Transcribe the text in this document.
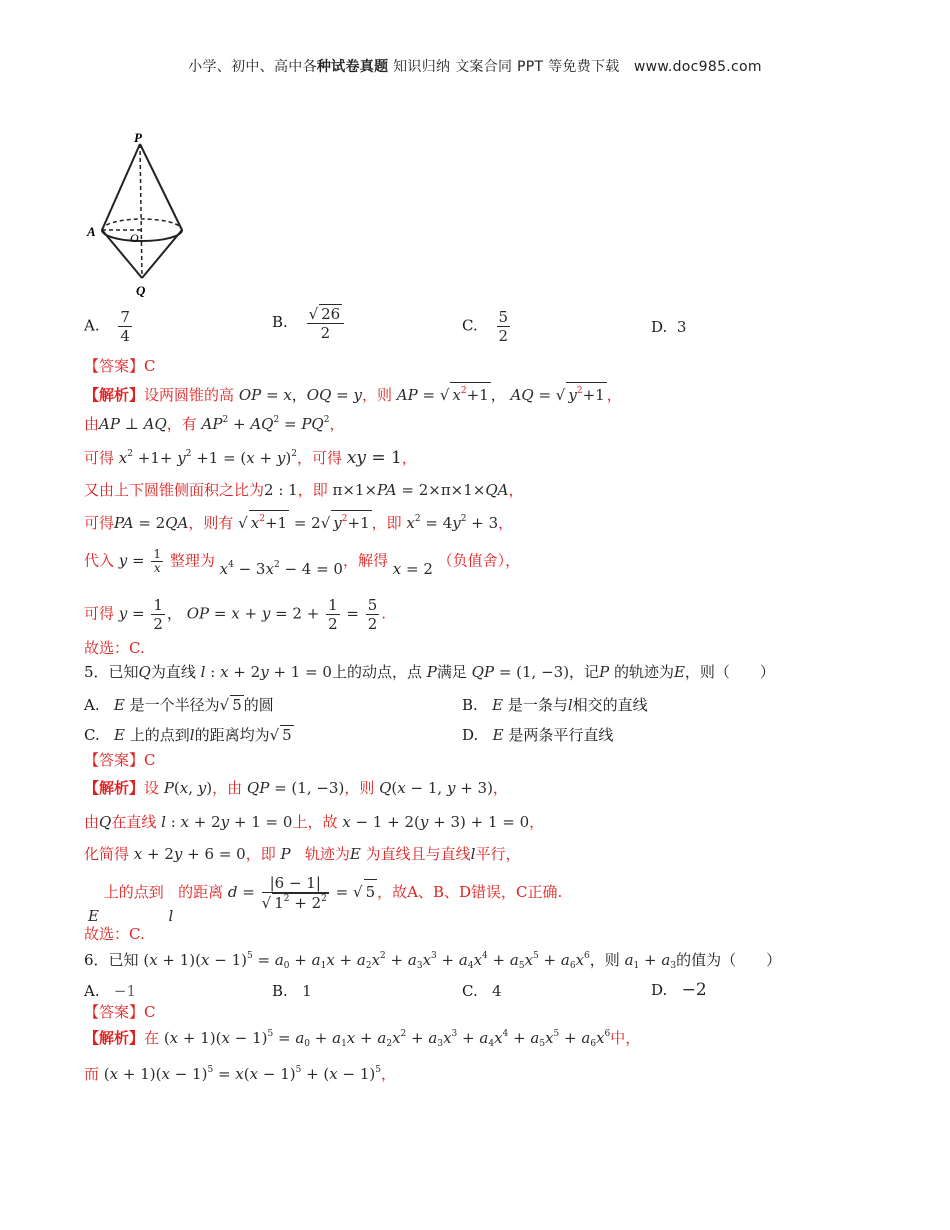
小学、初中、高中各种试卷真题 知识归纳 文案合同 PPT 等免费下载 www.doc985.com
P
A	O
Q
A. $\frac{7}{4}$	B. $\frac{√ 26}{2}$	C. $\frac{5}{2}$	D. 3
【答案】C
【解析】设两圆锥的高 OP = x，OQ = y，则 AP = √ $x^2+1$ ， AQ = √ $y^2+1$ ，
由AP ⊥ AQ，有 $AP^2 + AQ^2 = PQ^2$，
可得 $x^2 +1+ y^2 +1 = (x + y)^2$，可得 xy = 1，
又由上下圆锥侧面积之比为2 : 1，即 π×1×PA = 2×π×1×QA，
可得PA = 2QA，则有 √ $x^2+1 = 2√$ $y^2+1$ ，即 $x^2 = 4y^2 + 3$，
代入 $y = \frac{1}{x}$ 整理为 $x^4 - 3x^2 - 4 = 0$，解得 x = 2 （负值舍），
可得 $y = \frac{1}{2}$ ， OP = $x + y = 2 + \frac{1}{2} = \frac{5}{2}$ .
故选：C.
5．已知Q为直线 l : x + 2y + 1 = 0上的动点，点 P满足 QP = (1, −3)，记P 的轨迹为E，则（　　）
A. E 是一个半径为√ 5 的圆	B. E 是一条与l相交的直线
C. E 上的点到l的距离均为√ 5	D. E 是两条平行直线
【答案】C
【解析】设 P(x, y)，由 QP = (1, −3)，则 Q(x − 1, y + 3)，
由Q在直线 l : x + 2y + 1 = 0上，故 x − 1 + 2(y + 3) + 1 = 0，
化简得 x + 2y + 6 = 0，即 P 轨迹为E 为直线且与直线l平行，
E 上的点到 l 的距离 $d = \frac{|6 - 1|}{√ 1^2 + 2^2}$ = √ 5 ，故A、B、D错误，C正确.
故选：C.
6．已知 $(x + 1)(x - 1)^5 = a_0 + a_1x + a_2x^2 + a_3x^3 + a_4x^4 + a_5x^5 + a_6x^6$，则 $a_1 + a_3$的值为（　　）
A. −1	B. 1	C. 4	D. −2
【答案】C
【解析】在 $(x + 1)(x - 1)^5 = a_0 + a_1x + a_2x^2 + a_3x^3 + a_4x^4 + a_5x^5 + a_6x^6$中，
而 $(x + 1)(x - 1)^5 = x(x - 1)^5 + (x - 1)^5$，
